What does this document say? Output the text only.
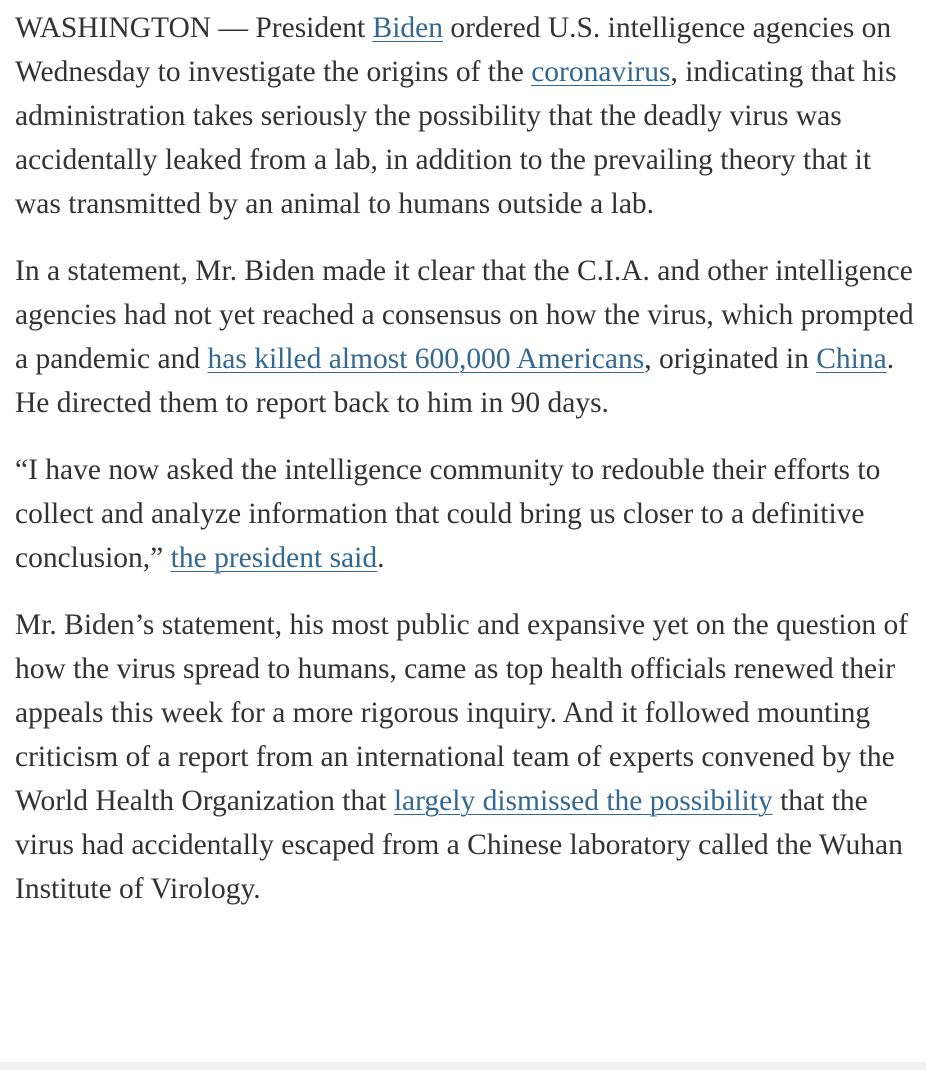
WASHINGTON — President Biden ordered U.S. intelligence agencies on Wednesday to investigate the origins of the coronavirus, indicating that his administration takes seriously the possibility that the deadly virus was accidentally leaked from a lab, in addition to the prevailing theory that it was transmitted by an animal to humans outside a lab.

In a statement, Mr. Biden made it clear that the C.I.A. and other intelligence agencies had not yet reached a consensus on how the virus, which prompted a pandemic and has killed almost 600,000 Americans, originated in China. He directed them to report back to him in 90 days.

“I have now asked the intelligence community to redouble their efforts to collect and analyze information that could bring us closer to a definitive conclusion,” the president said.

Mr. Biden’s statement, his most public and expansive yet on the question of how the virus spread to humans, came as top health officials renewed their appeals this week for a more rigorous inquiry. And it followed mounting criticism of a report from an international team of experts convened by the World Health Organization that largely dismissed the possibility that the virus had accidentally escaped from a Chinese laboratory called the Wuhan Institute of Virology.
